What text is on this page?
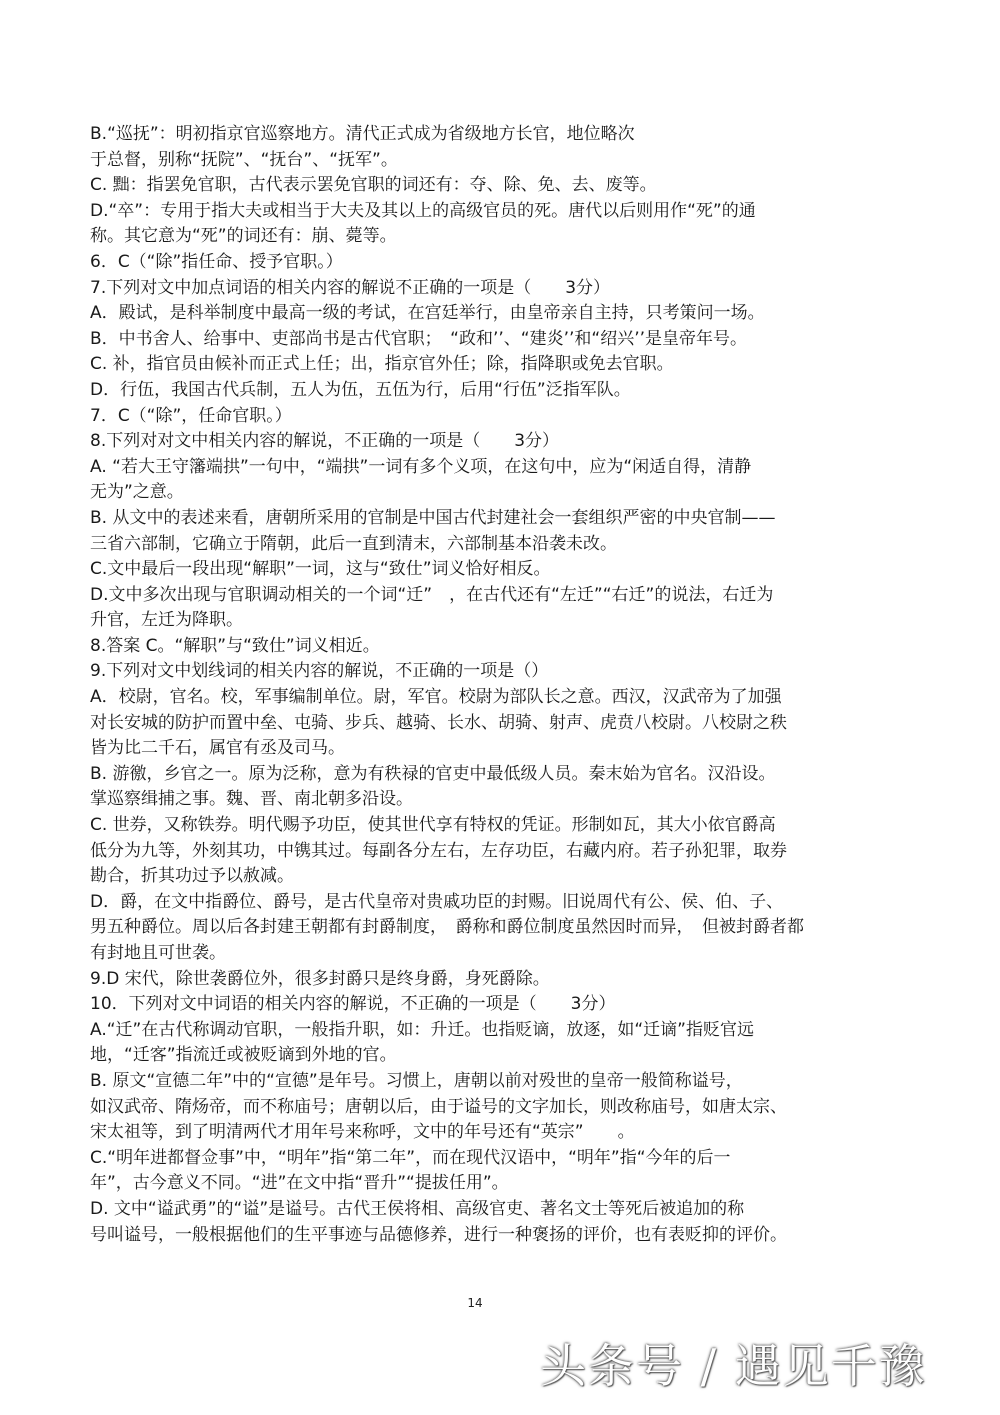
B.“巡抚”：明初指京官巡察地方。清代正式成为省级地方长官，地位略次
于总督，别称“抚院”、“抚台”、“抚军”。
C. 黜：指罢免官职，古代表示罢免官职的词还有：夺、除、免、去、废等。
D.“卒”：专用于指大夫或相当于大夫及其以上的高级官员的死。唐代以后则用作“死”的通
称。其它意为“死”的词还有：崩、薨等。
6．C（“除”指任命、授予官职。）
7.下列对文中加点词语的相关内容的解说不正确的一项是（　　3分）
A．殿试，是科举制度中最高一级的考试，在宫廷举行，由皇帝亲自主持，只考策问一场。
B．中书舍人、给事中、吏部尚书是古代官职；　“政和’’、“建炎’’和“绍兴’’是皇帝年号。
C. 补，指官员由候补而正式上任；出，指京官外任；除，指降职或免去官职。
D．行伍，我国古代兵制，五人为伍，五伍为行，后用“行伍”泛指军队。
7．C（“除”，任命官职。）
8.下列对对文中相关内容的解说，不正确的一项是（　　3分）
A. “若大王守籓端拱”一句中，“端拱”一词有多个义项，在这句中，应为“闲适自得，清静
无为”之意。
B. 从文中的表述来看，唐朝所采用的官制是中国古代封建社会一套组织严密的中央官制——
三省六部制，它确立于隋朝，此后一直到清末，六部制基本沿袭未改。
C.文中最后一段出现“解职”一词，这与“致仕”词义恰好相反。
D.文中多次出现与官职调动相关的一个词“迁”　，在古代还有“左迁”“右迁”的说法，右迁为
升官，左迁为降职。
8.答案 C。“解职”与“致仕”词义相近。
9.下列对文中划线词的相关内容的解说，不正确的一项是（）
A．校尉，官名。校，军事编制单位。尉，军官。校尉为部队长之意。西汉，汉武帝为了加强
对长安城的防护而置中垒、屯骑、步兵、越骑、长水、胡骑、射声、虎贲八校尉。八校尉之秩
皆为比二千石，属官有丞及司马。
B. 游徼，乡官之一。原为泛称，意为有秩禄的官吏中最低级人员。秦末始为官名。汉沿设。
掌巡察缉捕之事。魏、晋、南北朝多沿设。
C. 世券，又称铁券。明代赐予功臣，使其世代享有特权的凭证。形制如瓦，其大小依官爵高
低分为九等，外刻其功，中镌其过。每副各分左右，左存功臣，右藏内府。若子孙犯罪，取券
勘合，折其功过予以赦减。
D．爵，在文中指爵位、爵号，是古代皇帝对贵戚功臣的封赐。旧说周代有公、侯、伯、子、
男五种爵位。周以后各封建王朝都有封爵制度，　爵称和爵位制度虽然因时而异，　但被封爵者都
有封地且可世袭。
9.D 宋代，除世袭爵位外，很多封爵只是终身爵，身死爵除。
10．下列对文中词语的相关内容的解说，不正确的一项是（　　3分）
A.“迁”在古代称调动官职，一般指升职，如：升迁。也指贬谪，放逐，如“迁谪”指贬官远
地，“迁客”指流迁或被贬谪到外地的官。
B. 原文“宣德二年”中的“宣德”是年号。习惯上，唐朝以前对殁世的皇帝一般简称谥号，
如汉武帝、隋炀帝，而不称庙号；唐朝以后，由于谥号的文字加长，则改称庙号，如唐太宗、
宋太祖等，到了明清两代才用年号来称呼，文中的年号还有“英宗”　　。
C.“明年进都督佥事”中，“明年”指“第二年”，而在现代汉语中，“明年”指“今年的后一
年”，古今意义不同。“进”在文中指“晋升”“提拔任用”。
D. 文中“谥武勇”的“谥”是谥号。古代王侯将相、高级官吏、著名文士等死后被追加的称
号叫谥号，一般根据他们的生平事迹与品德修养，进行一种褒扬的评价，也有表贬抑的评价。
14
头条号 / 遇见千豫
